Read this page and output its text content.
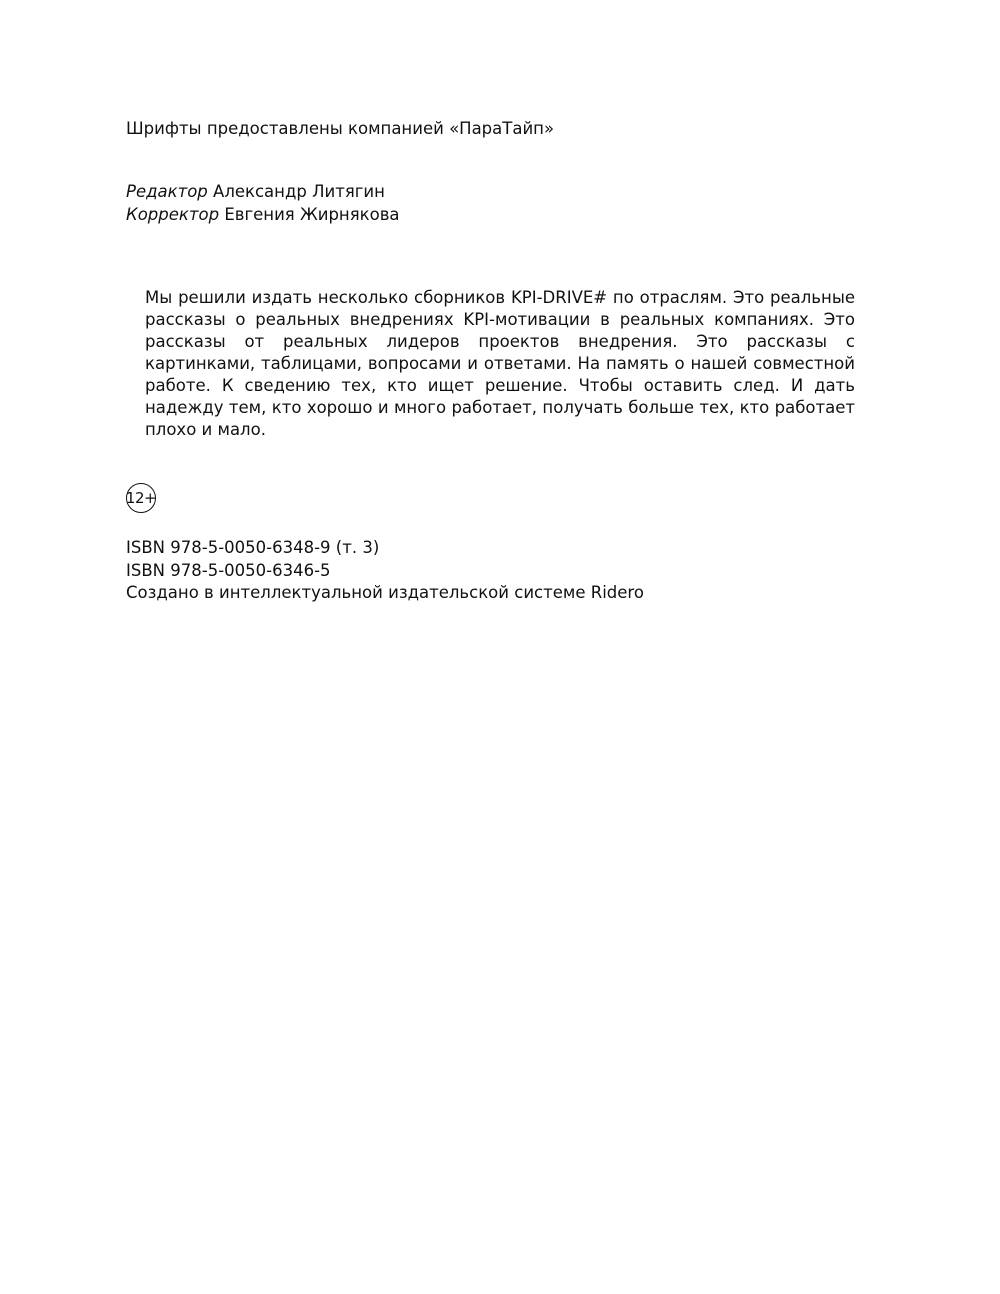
Шрифты предоставлены компанией «ПараТайп»
Редактор Александр Литягин
Корректор Евгения Жирнякова
Мы решили издать несколько сборников KPI-DRIVE# по отраслям. Это реальные рассказы о реальных внедрениях KPI-мотивации в реальных компаниях. Это рассказы от реальных лидеров проектов внедрения. Это рассказы с картинками, таблицами, вопросами и ответами. На память о нашей совместной работе. К сведению тех, кто ищет решение. Чтобы оставить след. И дать надежду тем, кто хорошо и много работает, получать больше тех, кто работает плохо и мало.
12+
ISBN 978-5-0050-6348-9 (т. 3)
ISBN 978-5-0050-6346-5
Создано в интеллектуальной издательской системе Ridero
